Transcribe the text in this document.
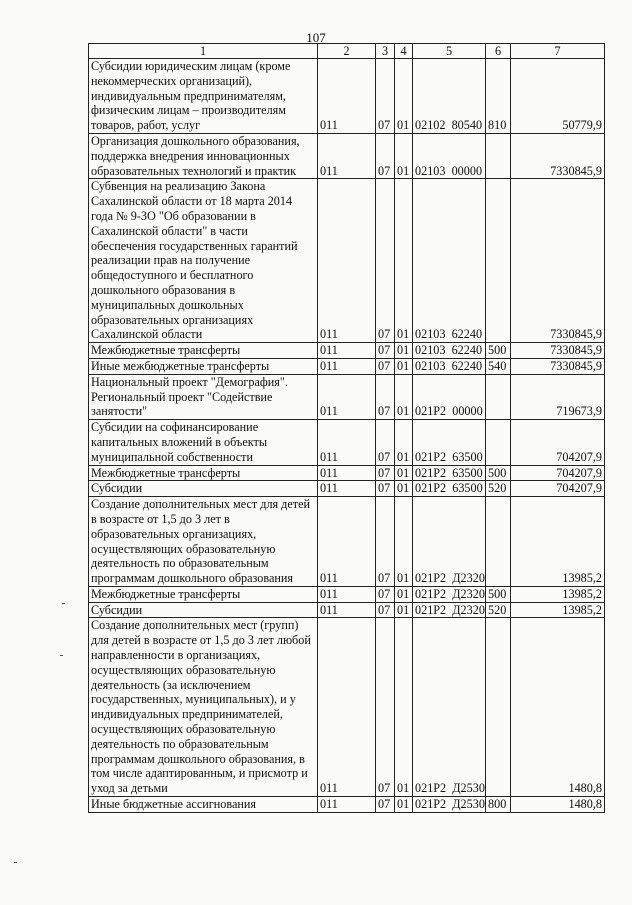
107
1	2	3	4	5	6	7
Субсидии юридическим лицам (кроме некоммерческих организаций), индивидуальным предпринимателям, физическим лицам – производителям товаров, работ, услуг	011	07	01	02102  80540	810	50779,9
Организация дошкольного образования, поддержка внедрения инновационных образовательных технологий и практик	011	07	01	02103  00000		7330845,9
Субвенция на реализацию Закона Сахалинской области от 18 марта 2014 года № 9-ЗО "Об образовании в Сахалинской области" в части обеспечения государственных гарантий реализации прав на получение общедоступного и бесплатного дошкольного образования в муниципальных дошкольных образовательных организациях Сахалинской области	011	07	01	02103  62240		7330845,9
Межбюджетные трансферты	011	07	01	02103  62240	500	7330845,9
Иные межбюджетные трансферты	011	07	01	02103  62240	540	7330845,9
Национальный проект "Демография". Региональный проект "Содействие занятости"	011	07	01	021P2  00000		719673,9
Субсидии на софинансирование капитальных вложений в объекты муниципальной собственности	011	07	01	021P2  63500		704207,9
Межбюджетные трансферты	011	07	01	021P2  63500	500	704207,9
Субсидии	011	07	01	021P2  63500	520	704207,9
Создание дополнительных мест для детей в возрасте от 1,5 до 3 лет в образовательных организациях, осуществляющих образовательную деятельность по образовательным программам дошкольного образования	011	07	01	021P2  Д2320		13985,2
Межбюджетные трансферты	011	07	01	021P2  Д2320	500	13985,2
Субсидии	011	07	01	021P2  Д2320	520	13985,2
Создание дополнительных мест (групп) для детей в возрасте от 1,5 до 3 лет любой направленности в организациях, осуществляющих образовательную деятельность (за исключением государственных, муниципальных), и у индивидуальных предпринимателей, осуществляющих образовательную деятельность по образовательным программам дошкольного образования, в том числе адаптированным, и присмотр и уход за детьми	011	07	01	021P2  Д2530		1480,8
Иные бюджетные ассигнования	011	07	01	021P2  Д2530	800	1480,8
